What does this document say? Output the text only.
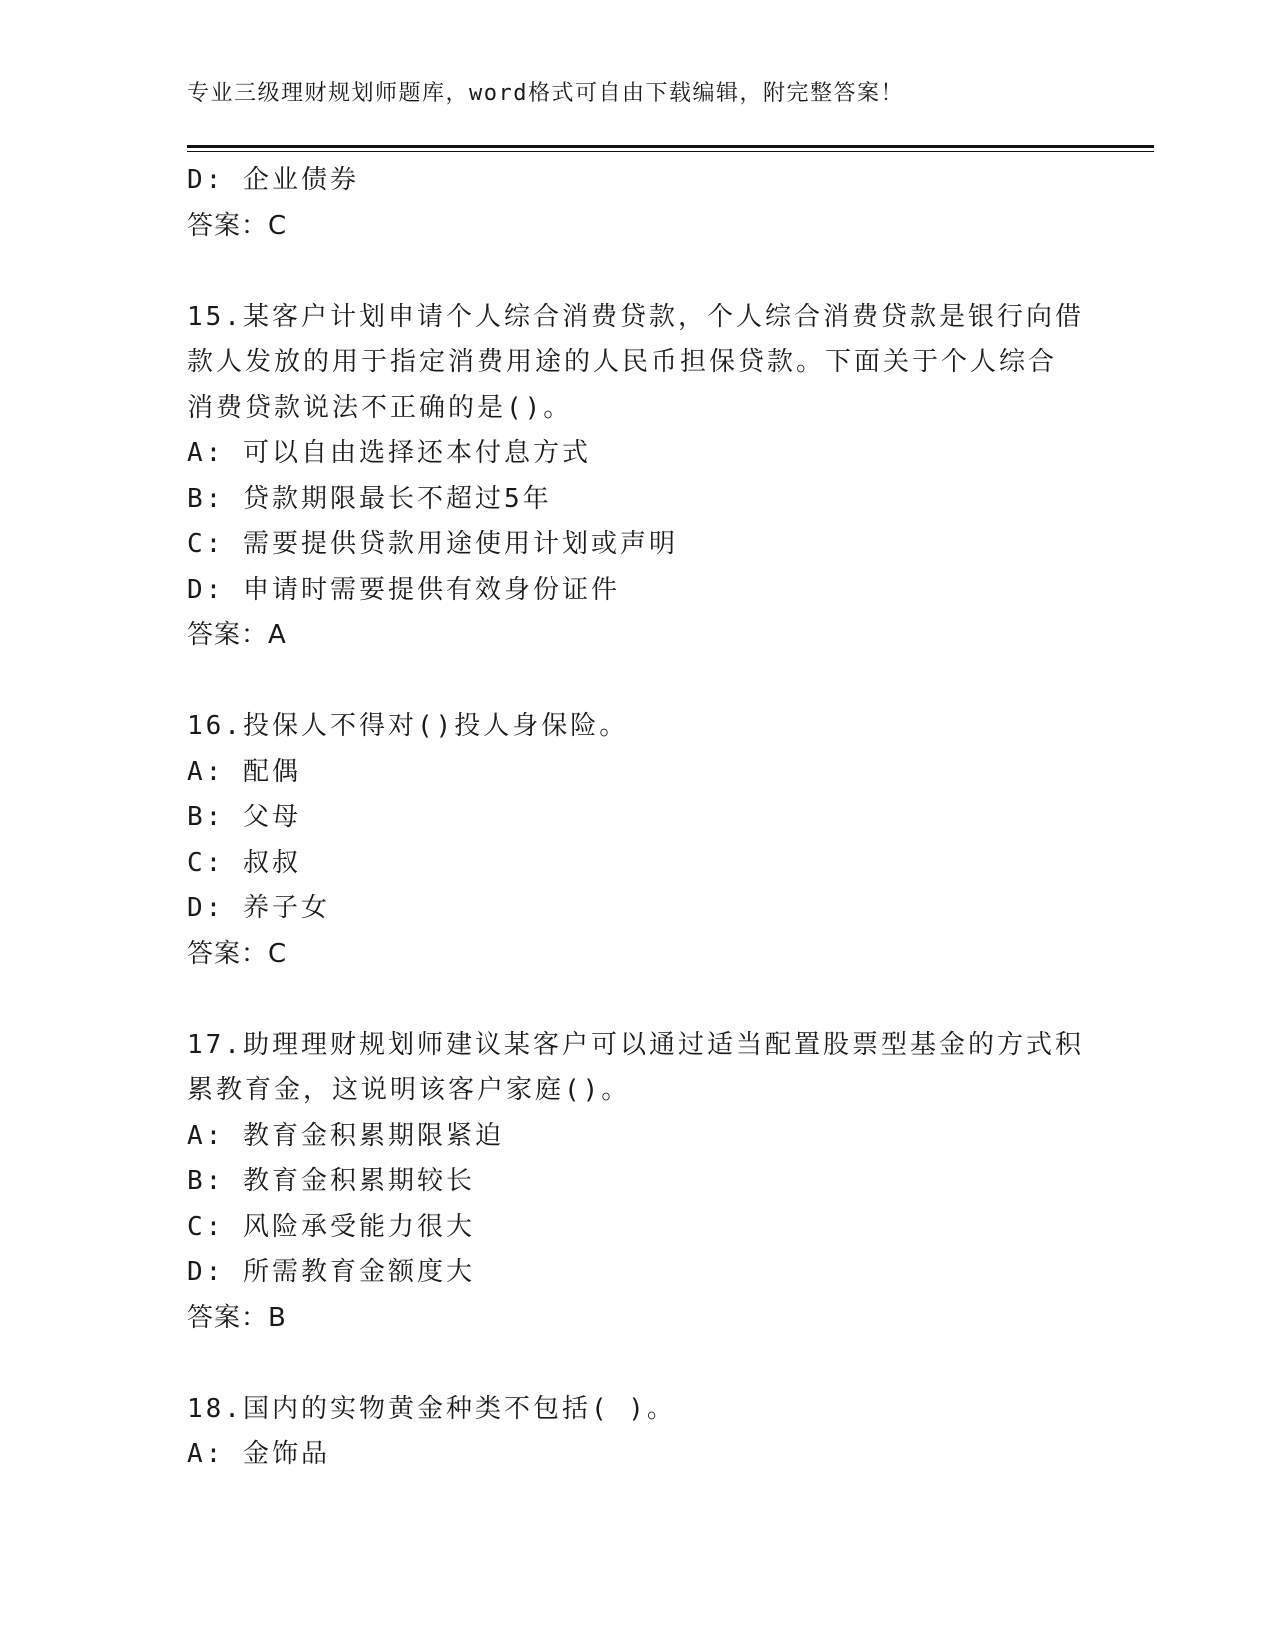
专业三级理财规划师题库，word格式可自由下载编辑，附完整答案！
D: 企业债券
答案：C
15.某客户计划申请个人综合消费贷款，个人综合消费贷款是银行向借
款人发放的用于指定消费用途的人民币担保贷款。下面关于个人综合
消费贷款说法不正确的是()。
A: 可以自由选择还本付息方式
B: 贷款期限最长不超过5年
C: 需要提供贷款用途使用计划或声明
D: 申请时需要提供有效身份证件
答案：A
16.投保人不得对()投人身保险。
A: 配偶
B: 父母
C: 叔叔
D: 养子女
答案：C
17.助理理财规划师建议某客户可以通过适当配置股票型基金的方式积
累教育金，这说明该客户家庭()。
A: 教育金积累期限紧迫
B: 教育金积累期较长
C: 风险承受能力很大
D: 所需教育金额度大
答案：B
18.国内的实物黄金种类不包括( )。
A: 金饰品
